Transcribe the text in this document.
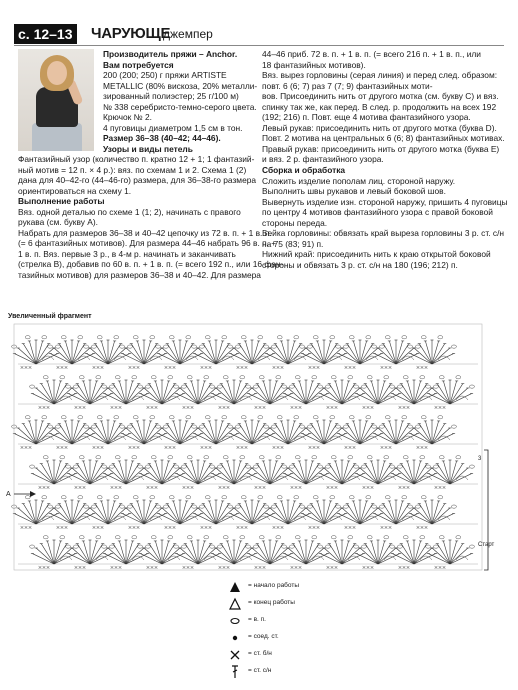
с. 12–13 ЧАРУЮЩЕ
джемпер
Производитель пряжи – Anchor.
Вам потребуется
200 (200; 250) г пряжи ARTISTE
METALLIC (80% вискоза, 20% металли-
зированный полиэстер; 25 г/100 м)
№ 338 серебристо-темно-серого цвета.
Крючок № 2.
4 пуговицы диаметром 1,5 см в тон.
Размер 36–38 (40–42; 44–46).
Узоры и виды петель
Фантазийный узор (количество п. кратно 12 + 1; 1 фантазий-
ный мотив = 12 п. × 4 р.): вяз. по схемам 1 и 2. Схема 1 (2)
дана для 40–42-го (44–46-го) размера, для 36–38-го размера
ориентироваться на схему 1.
Выполнение работы
Вяз. одной деталью по схеме 1 (1; 2), начинать с правого
рукава (см. букву А).
Набрать для размеров 36–38 и 40–42 цепочку из 72 в. п. + 1 в. п.
(= 6 фантазийных мотивов). Для размера 44–46 набрать 96 в. п. +
1 в. п. Вяз. первые 3 р., в 4-м р. начинать и заканчивать
(стрелка В), добавив по 60 в. п. + 1 в. п. (= всего 192 п., или 16 фан-
тазийных мотивов) для размеров 36–38 и 40–42. Для размера
44–46 приб. 72 в. п. + 1 в. п. (= всего 216 п. + 1 в. п., или
18 фантазийных мотивов).
Вяз. вырез горловины (серая линия) и перед след. образом:
повт. 6 (6; 7) раз 7 (7; 9) фантазийных моти-
вов. Присоединить нить от другого мотка (см. букву С) и вяз.
спинку так же, как перед. В след. р. продолжить на всех 192
(192; 216) п. Повт. еще 4 мотива фантазийного узора.
Левый рукав: присоединить нить от другого мотка (буква D).
Повт. 2 мотива на центральных 6 (6; 8) фантазийных мотивах.
Правый рукав: присоединить нить от другого мотка (буква Е)
и вяз. 2 р. фантазийного узора.
Сборка и обработка
Сложить изделие пополам лиц. стороной наружу.
Выполнить швы рукавов и левый боковой шов.
Вывернуть изделие изн. стороной наружу, пришить 4 пуговицы
по центру 4 мотивов фантазийного узора с правой боковой
стороны переда.
Бейка горловины: обвязать край выреза горловины 3 р. ст. с/н
на 75 (83; 91) п.
Нижний край: присоединить нить к краю открытой боковой
стороны и обвязать 3 р. ст. с/н на 180 (196; 212) п.
Увеличенный фрагмент
A
3
Старт
= начало работы
= конец работы
= в. п.
= соед. ст.
= ст. б/н
= ст. с/н
